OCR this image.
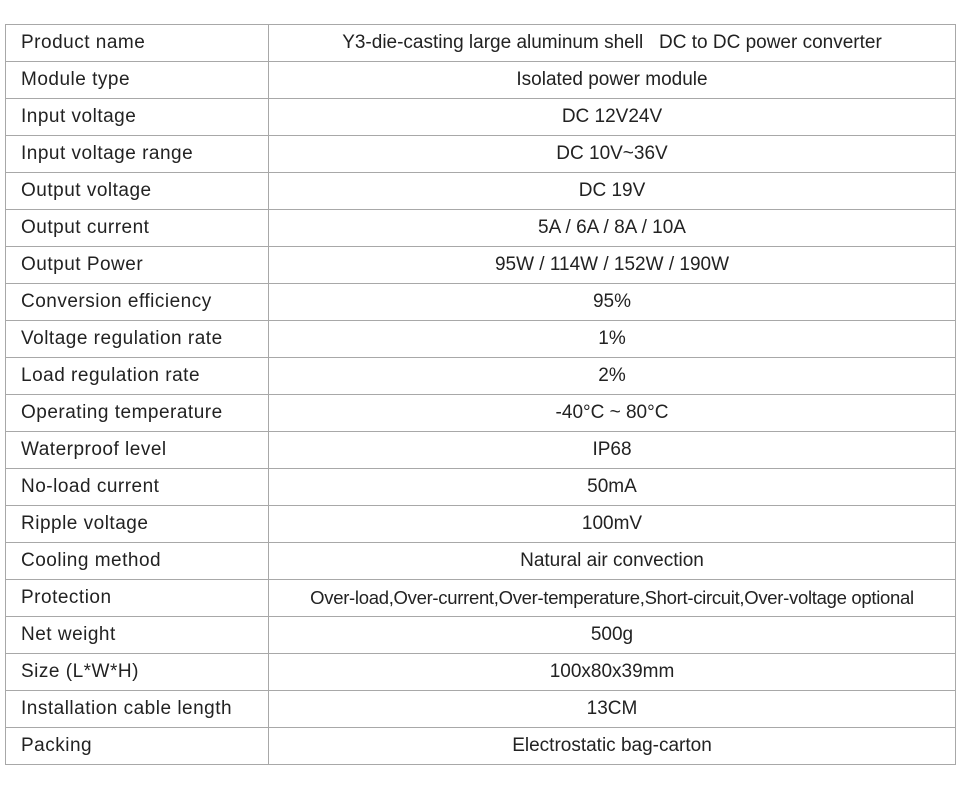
Product name	Y3-die-casting large aluminum shell   DC to DC power converter
Module type	Isolated power module
Input voltage	DC 12V24V
Input voltage range	DC 10V~36V
Output voltage	DC 19V
Output current	5A / 6A / 8A / 10A
Output Power	95W / 114W / 152W / 190W
Conversion efficiency	95%
Voltage regulation rate	1%
Load regulation rate	2%
Operating temperature	-40°C ~ 80°C
Waterproof level	IP68
No-load current	50mA
Ripple voltage	100mV
Cooling method	Natural air convection
Protection	Over-load,Over-current,Over-temperature,Short-circuit,Over-voltage optional
Net weight	500g
Size (L*W*H)	100x80x39mm
Installation cable length	13CM
Packing	Electrostatic bag-carton
